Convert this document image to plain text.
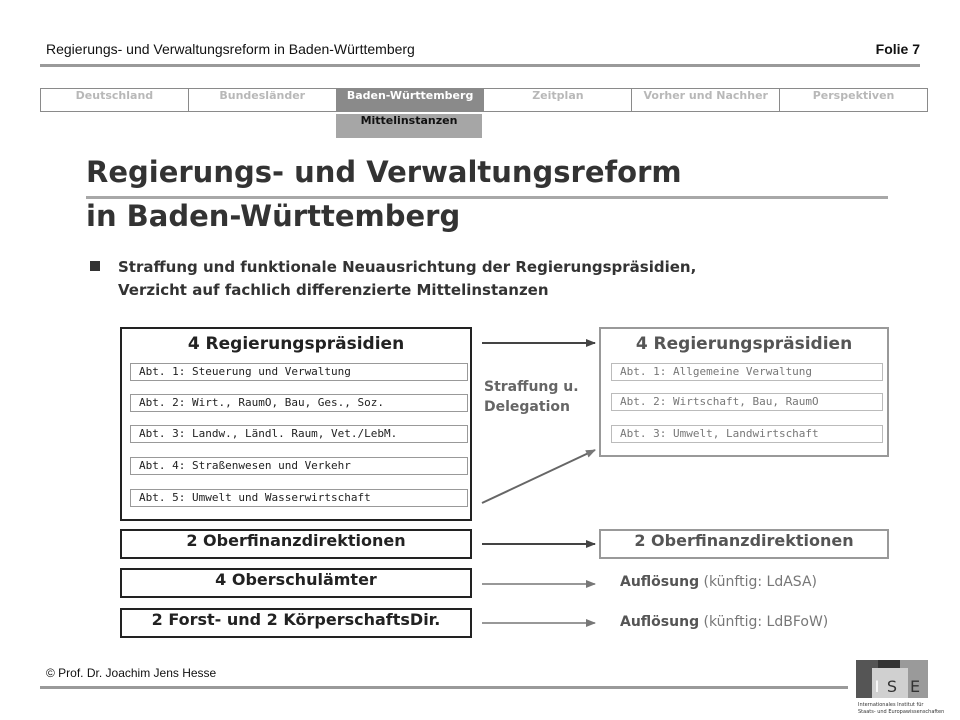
Regierungs- und Verwaltungsreform in Baden-Württemberg	Folie 7
Deutschland	Bundesländer	Baden-Württemberg	Zeitplan	Vorher und Nachher	Perspektiven
Mittelinstanzen
Regierungs- und Verwaltungsreform
in Baden-Württemberg
Straffung und funktionale Neuausrichtung der Regierungspräsidien,
Verzicht auf fachlich differenzierte Mittelinstanzen
4 Regierungspräsidien
Abt. 1: Steuerung und Verwaltung
Abt. 2: Wirt., RaumO, Bau, Ges., Soz.
Abt. 3: Landw., Ländl. Raum, Vet./LebM.
Abt. 4: Straßenwesen und Verkehr
Abt. 5: Umwelt und Wasserwirtschaft
Straffung u.
Delegation
4 Regierungspräsidien
Abt. 1: Allgemeine Verwaltung
Abt. 2: Wirtschaft, Bau, RaumO
Abt. 3: Umwelt, Landwirtschaft
2 Oberfinanzdirektionen	2 Oberfinanzdirektionen
4 Oberschulämter	Auflösung (künftig: LdASA)
2 Forst- und 2 KörperschaftsDir.	Auflösung (künftig: LdBFoW)
© Prof. Dr. Joachim Jens Hesse
I S E
Internationales Institut für
Staats- und Europawissenschaften
